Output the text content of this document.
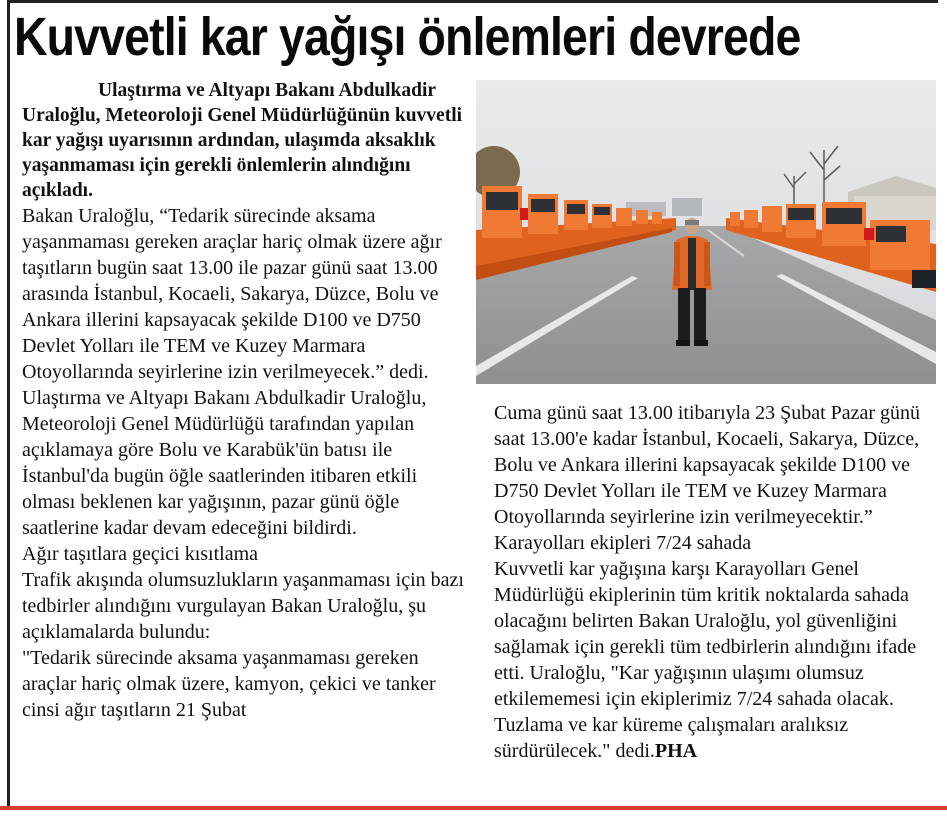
Kuvvetli kar yağışı önlemleri devrede

Ulaştırma ve Altyapı Bakanı Abdulkadir Uraloğlu, Meteoroloji Genel Müdürlüğünün kuvvetli kar yağışı uyarısının ardından, ulaşımda aksaklık yaşanmaması için gerekli önlemlerin alındığını açıkladı.

Bakan Uraloğlu, “Tedarik sürecinde aksama yaşanmaması gereken araçlar hariç olmak üzere ağır taşıtların bugün saat 13.00 ile pazar günü saat 13.00 arasında İstanbul, Kocaeli, Sakarya, Düzce, Bolu ve Ankara illerini kapsayacak şekilde D100 ve D750 Devlet Yolları ile TEM ve Kuzey Marmara Otoyollarında seyirlerine izin verilmeyecek.” dedi.

Ulaştırma ve Altyapı Bakanı Abdulkadir Uraloğlu, Meteoroloji Genel Müdürlüğü tarafından yapılan açıklamaya göre Bolu ve Karabük'ün batısı ile İstanbul'da bugün öğle saatlerinden itibaren etkili olması beklenen kar yağışının, pazar günü öğle saatlerine kadar devam edeceğini bildirdi.

Ağır taşıtlara geçici kısıtlama

Trafik akışında olumsuzlukların yaşanmaması için bazı tedbirler alındığını vurgulayan Bakan Uraloğlu, şu açıklamalarda bulundu:

"Tedarik sürecinde aksama yaşanmaması gereken araçlar hariç olmak üzere, kamyon, çekici ve tanker cinsi ağır taşıtların 21 Şubat

Cuma günü saat 13.00 itibarıyla 23 Şubat Pazar günü saat 13.00'e kadar İstanbul, Kocaeli, Sakarya, Düzce, Bolu ve Ankara illerini kapsayacak şekilde D100 ve D750 Devlet Yolları ile TEM ve Kuzey Marmara Otoyollarında seyirlerine izin verilmeyecektir.”

Karayolları ekipleri 7/24 sahada

Kuvvetli kar yağışına karşı Karayolları Genel Müdürlüğü ekiplerinin tüm kritik noktalarda sahada olacağını belirten Bakan Uraloğlu, yol güvenliğini sağlamak için gerekli tüm tedbirlerin alındığını ifade etti. Uraloğlu, "Kar yağışının ulaşımı olumsuz etkilememesi için ekiplerimiz 7/24 sahada olacak. Tuzlama ve kar küreme çalışmaları aralıksız sürdürülecek." dedi.PHA
